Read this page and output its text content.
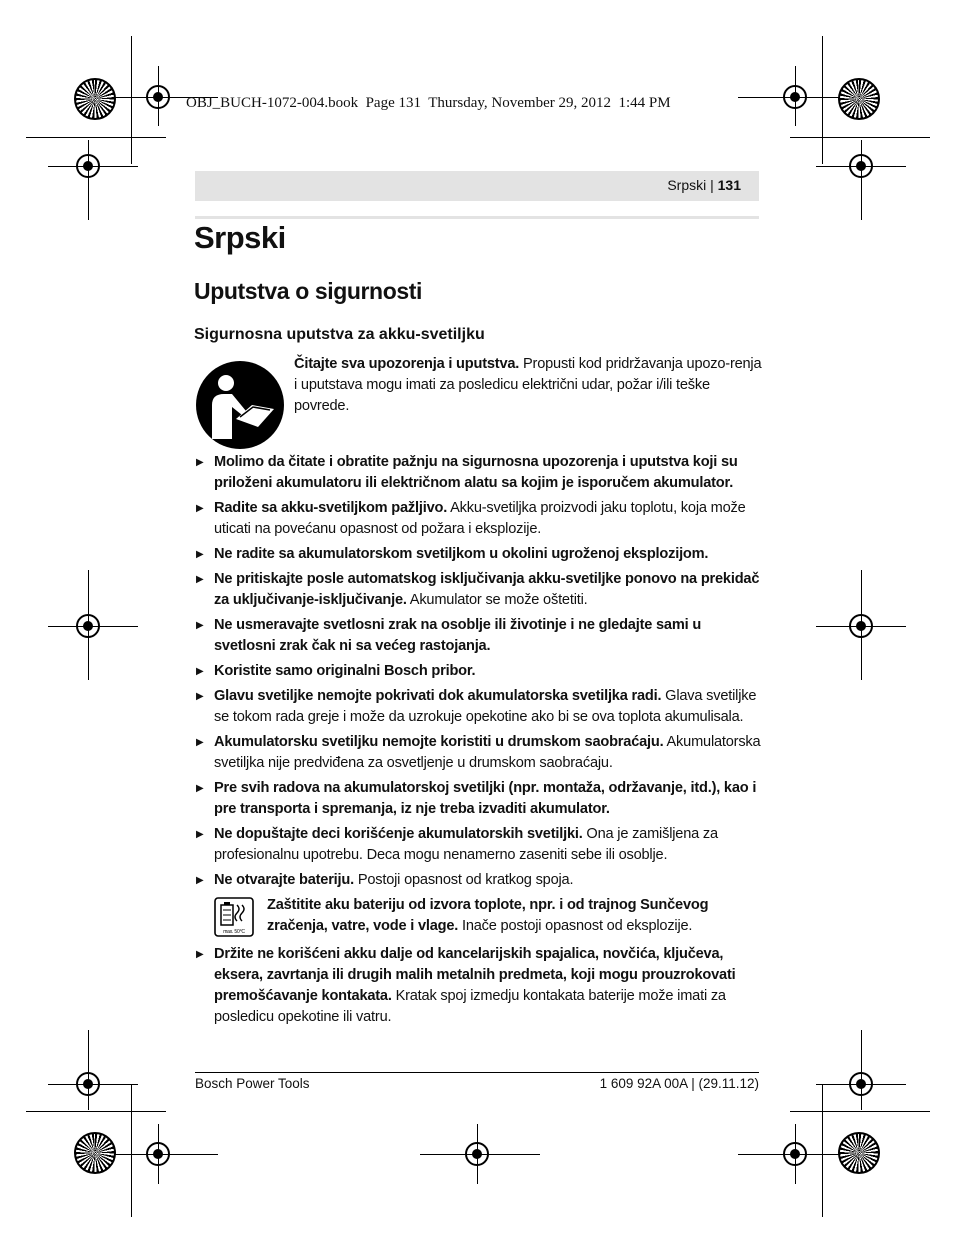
OBJ_BUCH-1072-004.book  Page 131  Thursday, November 29, 2012  1:44 PM
Srpski | 131
Srpski
Uputstva o sigurnosti
Sigurnosna uputstva za akku-svetiljku
Čitajte sva upozorenja i uputstva. Propusti kod pridržavanja upozo-renja i uputstava mogu imati za posledicu električni udar, požar i/ili teške povrede.
▶ Molimo da čitate i obratite pažnju na sigurnosna upozorenja i uputstva koji su priloženi akumulatoru ili električnom alatu sa kojim je isporučem akumulator.
▶ Radite sa akku-svetiljkom pažljivo. Akku-svetiljka proizvodi jaku toplotu, koja može uticati na povećanu opasnost od požara i eksplozije.
▶ Ne radite sa akumulatorskom svetiljkom u okolini ugroženoj eksplozijom.
▶ Ne pritiskajte posle automatskog isključivanja akku-svetiljke ponovo na prekidač za uključivanje-isključivanje. Akumulator se može oštetiti.
▶ Ne usmeravajte svetlosni zrak na osoblje ili životinje i ne gledajte sami u svetlosni zrak čak ni sa većeg rastojanja.
▶ Koristite samo originalni Bosch pribor.
▶ Glavu svetiljke nemojte pokrivati dok akumulatorska svetiljka radi. Glava svetiljke se tokom rada greje i može da uzrokuje opekotine ako bi se ova toplota akumulisala.
▶ Akumulatorsku svetiljku nemojte koristiti u drumskom saobraćaju. Akumulatorska svetiljka nije predviđena za osvetljenje u drumskom saobraćaju.
▶ Pre svih radova na akumulatorskoj svetiljki (npr. montaža, održavanje, itd.), kao i pre transporta i spremanja, iz nje treba izvaditi akumulator.
▶ Ne dopuštajte deci korišćenje akumulatorskih svetiljki. Ona je zamišljena za profesionalnu upotrebu. Deca mogu nenamerno zaseniti sebe ili osoblje.
▶ Ne otvarajte bateriju. Postoji opasnost od kratkog spoja.
max. 50°C
Zaštitite aku bateriju od izvora toplote, npr. i od trajnog Sunčevog zračenja, vatre, vode i vlage. Inače postoji opasnost od eksplozije.
▶ Držite ne korišćeni akku dalje od kancelarijskih spajalica, novčića, ključeva, eksera, zavrtanja ili drugih malih metalnih predmeta, koji mogu prouzrokovati premošćavanje kontakata. Kratak spoj izmedju kontakata baterije može imati za posledicu opekotine ili vatru.
Bosch Power Tools	1 609 92A 00A | (29.11.12)
